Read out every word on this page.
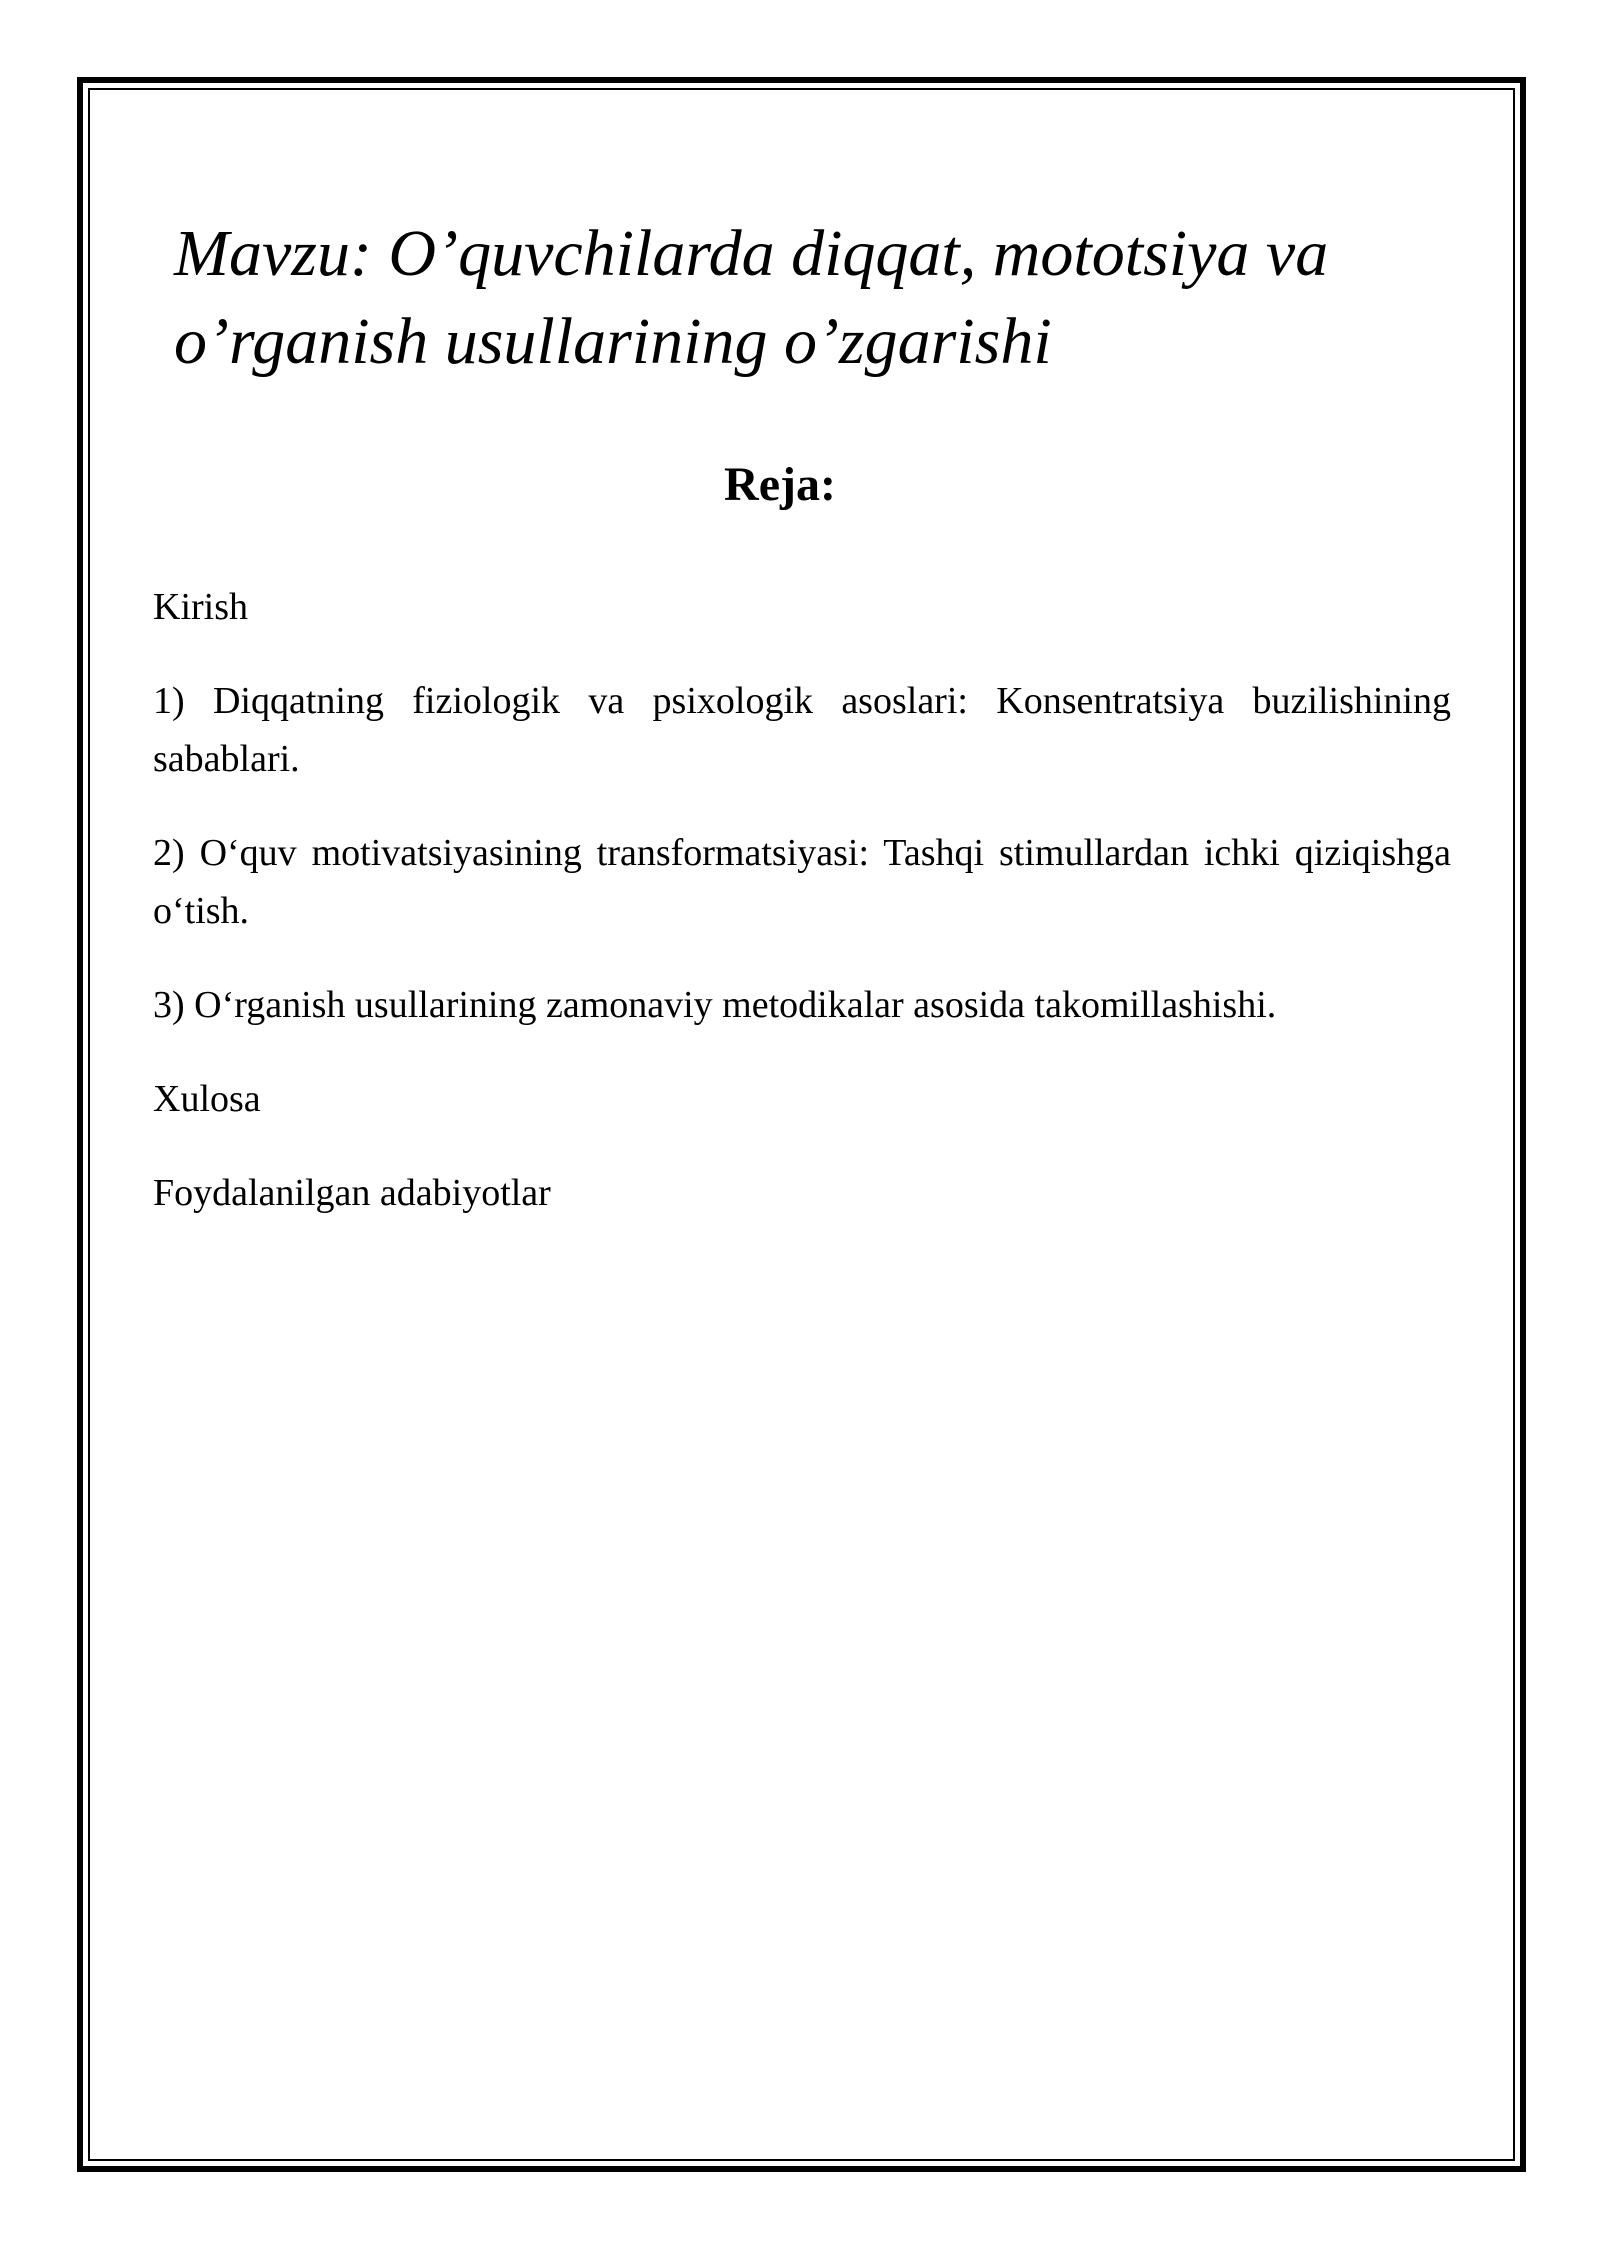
Mavzu: O’quvchilarda diqqat, mototsiya va o’rganish usullarining o’zgarishi
Reja:

Kirish

1) Diqqatning fiziologik va psixologik asoslari: Konsentratsiya buzilishining sabablari.

2) O‘quv motivatsiyasining transformatsiyasi: Tashqi stimullardan ichki qiziqishga o‘tish.

3) O‘rganish usullarining zamonaviy metodikalar asosida takomillashishi.

Xulosa

Foydalanilgan adabiyotlar
